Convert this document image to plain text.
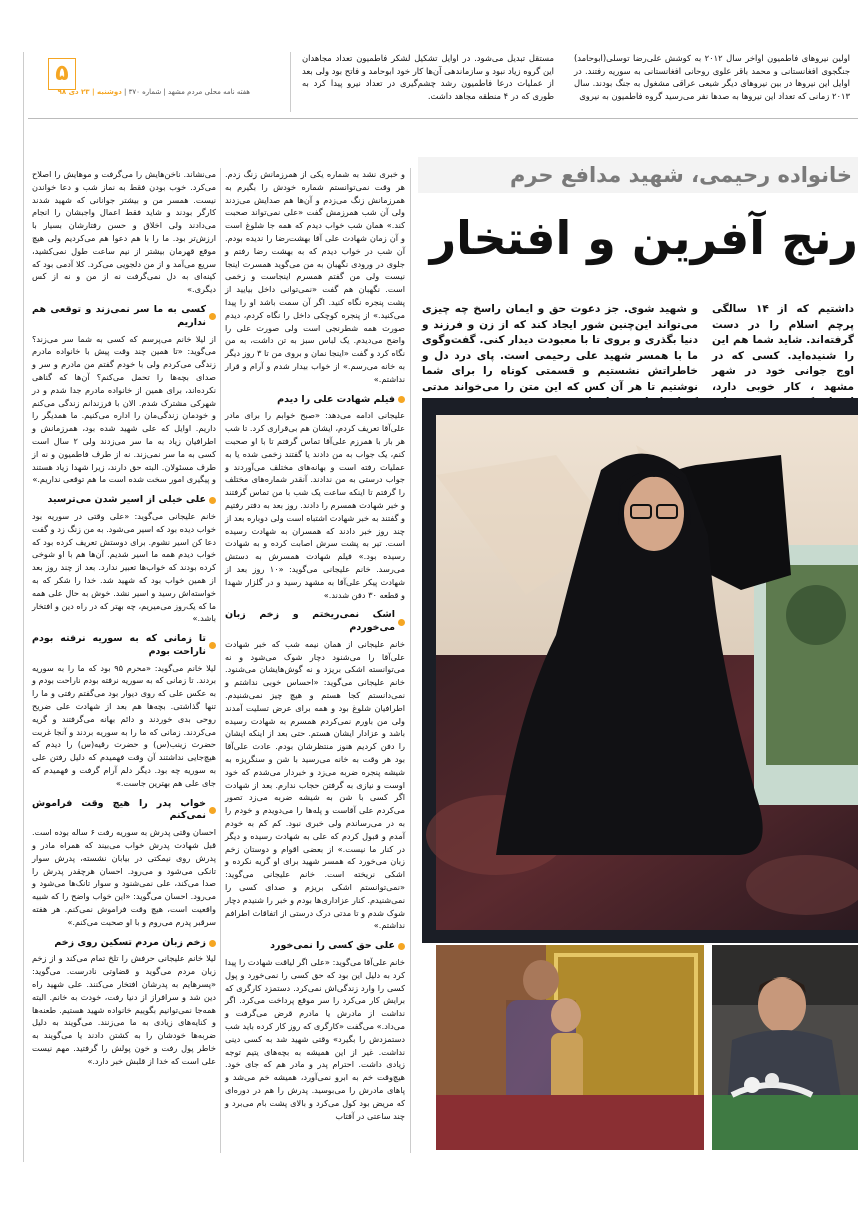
اولین نیروهای فاطمیون اواخر سال ۲۰۱۲ به کوشش علی‌رضا توسلی(ابوحامد) جنگجوی افغانستانی و محمد باقر علوی روحانی افغانستانی به سوریه رفتند. در اوایل این نیروها در بین نیروهای دیگر شیعی عراقی مشغول به جنگ بودند. سال ۲۰۱۳ زمانی که تعداد این نیروها به صدها نفر می‌رسید گروه فاطمیون به نیروی
مستقل تبدیل می‌شود. در اوایل تشکیل لشکر فاطمیون تعداد مجاهدان این گروه زیاد نبود و سازماندهی آن‌ها کار خود ابوحامد و فاتح بود ولی بعد از عملیات درعا فاطمیون رشد چشم‌گیری در تعداد نیرو پیدا کرد به طوری که در ۴ منطقه مجاهد داشت.
۵
هفته نامه محلی مردم مشهد | شماره ۳۷۰ | دوشنبه | ۲۳ دی ۹۸
خانواده رحیمی، شهید مدافع حرم
رنج آفرین و افتخار
داشتیم که از ۱۴ سالگی پرچم اسلام را در دست گرفته‌اند. شاید شما هم این را شنیده‌اید. کسی که در اوج جوانی خود در شهر مشهد ، کار خوبی دارد،
و شهید شوی. جز دعوت حق و ایمان راسخ چه چیزی می‌تواند این‌چنین شور ایجاد کند که از زن و فرزند و دنیا بگذری و بروی تا با معبودت دیدار کنی. گفت‌وگوی ما با همسر شهید علی رحیمی است. پای درد دل و خاطراتش نشستیم و قسمتی کوتاه را برای شما نوشتیم تا هر آن کس که این متن را می‌خواند مدتی

می‌نشاند. ناخن‌هایش را می‌گرفت و موهایش را اصلاح می‌کرد. خوب بودن فقط به نماز شب و دعا خواندن نیست. همسر من و بیشتر جوانانی که شهید شدند کارگر بودند و شاید فقط اعمال واجبشان را انجام می‌دادند ولی اخلاق و حسن رفتارشان بسیار با ارزش‌تر بود. ما را با هم دعوا هم می‌کردیم ولی هیچ موقع قهرمان بیشتر از نیم ساعت طول نمی‌کشید، سریع می‌آمد و از من دلجویی می‌کرد. کلا آدمی بود که کینه‌ای به دل نمی‌گرفت نه از من و نه از کس دیگری.»

کسی به ما سر نمی‌زند و توقعی هم نداریم

از لیلا خانم می‌پرسم که کسی به شما سر می‌زند؟ می‌گوید: «تا همین چند وقت پیش با خانواده مادرم زندگی می‌کردم ولی با خودم گفتم من مادرم و سر و صدای بچه‌ها را تحمل می‌کنم؟ آن‌ها که گناهی نکرده‌اند، برای همین از خانواده مادرم جدا شدم و در شهرکی مشترک شدم. الان با فرزندانم زندگی می‌کنم و خودمان زندگی‌مان را اداره می‌کنیم. ما همدیگر را داریم. اوایل که علی شهید شده بود، همرزمانش و اطرافیان زیاد به ما سر می‌زدند ولی ۲ سال است کسی به ما سر نمی‌زند. نه از طرف فاطمیون و نه از طرف مسئولان. البته حق دارند، زیرا شهدا زیاد هستند و پیگیری امور سخت شده است ما هم توقعی نداریم.»

علی خیلی از اسیر شدن می‌ترسید

خانم علیجانی می‌گوید: «علی وقتی در سوریه بود خواب دیده بود که اسیر می‌شود. به من زنگ زد و گفت دعا کن اسیر نشوم. برای دوستش تعریف کرده بود که خواب دیدم همه ما اسیر شدیم. آن‌ها هم با او شوخی کرده بودند که خواب‌ها تعبیر ندارد. بعد از چند روز بعد از همین خواب بود که شهید شد. خدا را شکر که به خواسته‌اش رسید و اسیر نشد. خوش به حال علی همه ما که یک‌روز می‌میریم، چه بهتر که در راه دین و افتخار باشد.»

تا زمانی که به سوریه نرفته بودم ناراحت بودم

لیلا خانم می‌گوید: «محرم ۹۵ بود که ما را به سوریه بردند. تا زمانی که به سوریه نرفته بودم ناراحت بودم و به عکس علی که روی دیوار بود می‌گفتم رفتی و ما را تنها گذاشتی. بچه‌ها هم بعد از شهادت علی ضریح روحی بدی خوردند و دائم بهانه می‌گرفتند و گریه می‌کردند. زمانی که ما را به سوریه بردند و آنجا غربت حضرت زینب(س) و حضرت رقیه(س) را دیدم که هیچ‌جایی نداشتند آن وقت فهمیدم که دلیل رفتن علی به سوریه چه بود. دیگر دلم آرام گرفت و فهمیدم که جای علی هم بهترین جاست.»

خواب پدر را هیچ وقت فراموش نمی‌کنم

احسان وقتی پدرش به سوریه رفت ۶ ساله بوده است. قبل شهادت پدرش خواب می‌بیند که همراه مادر و پدرش روی نیمکتی در بیابان نشسته، پدرش سوار تانکی می‌شود و می‌رود. احسان هرچقدر پدرش را صدا می‌کند، علی نمی‌شنود و سوار تانک‌ها می‌شود و می‌رود. احسان می‌گوید: «این خواب واضح را که شبیه واقعیت است، هیچ وقت فراموش نمی‌کنم. هر هفته سرقبر پدرم می‌روم و با او صحبت می‌کنم.»

زخم زبان مردم تسکین روی زخم

لیلا خانم علیجانی حرفش را تلخ تمام می‌کند و از زخم زبان مردم می‌گوید و قضاوتی نادرست. می‌گوید: «پسرهایم به پدرشان افتخار می‌کنند. علی شهید راه دین شد و سرافراز از دنیا رفت، خودت به خانم. البته همه‌جا نمی‌توانیم بگوییم خانواده شهید هستیم. طعنه‌ها و کنایه‌های زیادی به ما می‌زنند. می‌گویند به دلیل ضربه‌ها خودشان را به کشتن دادند یا می‌گویند به خاطر پول رفت و خون پولش را گرفتید. مهم نیست علی است که خدا از قلبش خبر دارد.»

و خبری نشد به شماره یکی از همرزمانش زنگ زدم. هر وقت نمی‌توانستم شماره خودش را بگیرم به همرزمانش زنگ می‌زدم و آن‌ها هم صدایش می‌زدند ولی آن شب همرزمش گفت «علی نمی‌تواند صحبت کند.» همان شب خواب دیدم که همه جا شلوغ است و آن زمان شهادت علی آقا بهشت‌رضا را ندیده بودم. آن شب در خواب دیدم که به بهشت رضا رفتم و جلوی در ورودی نگهبان به من می‌گوید همسرت اینجا نیست ولی من گفتم همسرم اینجاست و زخمی است. نگهبان هم گفت «نمی‌توانی داخل بیایید از پشت پنجره نگاه کنید. اگر آن سمت باشد او را پیدا می‌کنید.» از پنجره کوچکی داخل را نگاه کردم، دیدم صورت همه شطرنجی است ولی صورت علی را واضح می‌دیدم. یک لباس سبز به تن داشت، به من نگاه کرد و گفت «اینجا نمان و بروی من تا ۳ روز دیگر به خانه می‌رسم.» از خواب بیدار شدم و آرام و قرار نداشتم.»

فیلم شهادت علی را دیدم

علیجانی ادامه می‌دهد: «صبح خوابم را برای مادر علی‌آقا تعریف کردم، ایشان هم بی‌قراری کرد. تا شب هر بار با همرزم علی‌آقا تماس گرفتم تا با او صحبت کنم، یک جواب به من دادند یا گفتند زخمی شده یا به عملیات رفته است و بهانه‌های مختلف می‌آوردند و جواب درستی به من ندادند. آنقدر شماره‌های مختلف را گرفتم تا اینکه ساعت یک شب با من تماس گرفتند و خبر شهادت همسرم را دادند. روز بعد به دفتر رفتیم و گفتند به خبر شهادت اشتباه است ولی دوباره بعد از چند روز خبر دادند که همسران به شهادت رسیده است. تیر به پشت سرش اصابت کرده و به شهادت رسیده بود.» فیلم شهادت همسرش به دستش می‌رسد. خانم علیجانی می‌گوید: «۱۰ روز بعد از شهادت پیکر علی‌آقا به مشهد رسید و در گلزار شهدا و قطعه ۳۰ دفن شدند.»

اشک نمی‌ریختم و زخم زبان می‌خوردم

خانم علیجانی از همان نیمه شب که خبر شهادت علی‌آقا را می‌شنود دچار شوک می‌شود و نه می‌توانسته اشکی بریزد و نه گوش‌هایشان می‌شنود. خانم علیجانی می‌گوید: «احساس خوبی نداشتم و نمی‌دانستم کجا هستم و هیچ چیز نمی‌شنیدم. اطرافیان شلوغ بود و همه برای عرض تسلیت آمدند ولی من باورم نمی‌کردم همسرم به شهادت رسیده باشد و عزادار ایشان هستم. حتی بعد از اینکه ایشان را دفن کردیم هنوز منتظرشان بودم. عادت علی‌آقا بود هر وقت به خانه می‌رسید با شن و سنگریزه به شیشه پنجره ضربه می‌زد و خبردار می‌شدم که خود اوست و نیازی به گرفتن حجاب ندارم. بعد از شهادت اگر کسی با شن به شیشه ضربه می‌زد تصور می‌کردم علی آقاست و پله‌ها را می‌دویدم و خودم را به در می‌رساندم ولی خبری نبود. کم کم به خودم آمدم و قبول کردم که علی به شهادت رسیده و دیگر در کنار ما نیست.» از بعضی اقوام و دوستان زخم زبان می‌خورد که همسر شهید برای او گریه نکرده و اشکی نریخته است. خانم علیجانی می‌گوید: «نمی‌توانستم اشکی بریزم و صدای کسی را نمی‌شنیدم. کنار عزاداری‌ها بودم و خبر را شنیدم دچار شوک شدم و تا مدتی درک درستی از اتفاقات اطرافم نداشتم.»

علی حق کسی را نمی‌خورد

خانم علی‌آقا می‌گوید: «علی اگر لیاقت شهادت را پیدا کرد به دلیل این بود که حق کسی را نمی‌خورد و پول کسی را وارد زندگی‌اش نمی‌کرد. دستمزد کارگری که برایش کار می‌کرد را سر موقع پرداخت می‌کرد. اگر نداشت از مادرش یا مادرم قرض می‌گرفت و می‌داد.» می‌گفت «کارگری که روز کار کرده باید شب دستمزدش را بگیرد» وقتی شهید شد به کسی دینی نداشت. غیر از این همیشه به بچه‌های یتیم توجه زیادی داشت. احترام پدر و مادر هم که جای خود. هیچ‌وقت خم به ابرو نمی‌آورد، همیشه خم می‌شد و پاهای مادرش را می‌بوسید. پدرش را هم در دوره‌ای که مریض بود کول می‌کرد و بالای پشت بام می‌برد و چند ساعتی در آفتاب
